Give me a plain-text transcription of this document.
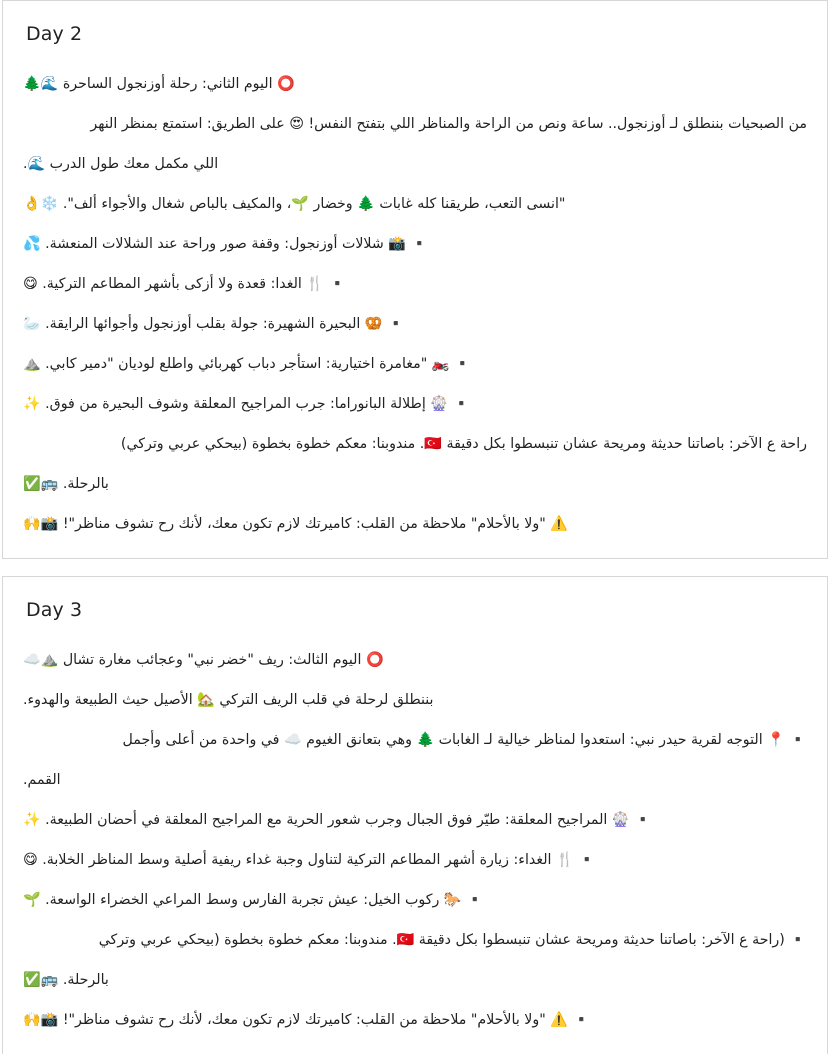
Day 2
⭕ اليوم الثاني: رحلة أوزنجول الساحرة 🌊🌲
من الصبحيات بننطلق لـ أوزنجول.. ساعة ونص من الراحة والمناظر اللي بتفتح النفس! 😍 على الطريق: استمتع بمنظر النهر
اللي مكمل معك طول الدرب 🌊.
"انسى التعب، طريقنا كله غابات 🌲 وخضار 🌱، والمكيف بالباص شغال والأجواء ألف". ❄️👌
▪️ 📸 شلالات أوزنجول: وقفة صور وراحة عند الشلالات المنعشة. 💦
▪️ 🍴 الغدا: قعدة ولا أزكى بأشهر المطاعم التركية. 😋
▪️ 🥨 البحيرة الشهيرة: جولة بقلب أوزنجول وأجوائها الرايقة. 🦢
▪️ 🏍️ "مغامرة اختيارية: استأجر دباب كهربائي واطلع لوديان "دمير كابي. ⛰️
▪️ 🎡 إطلالة البانوراما: جرب المراجيح المعلقة وشوف البحيرة من فوق. ✨
راحة ع الآخر: باصاتنا حديثة ومريحة عشان تنبسطوا بكل دقيقة 🇹🇷. مندوبنا: معكم خطوة بخطوة (بيحكي عربي وتركي)
بالرحلة. 🚌✅
⚠️ "ولا بالأحلام" ملاحظة من القلب: كاميرتك لازم تكون معك، لأنك رح تشوف مناظر"! 📸🙌
Day 3
⭕ اليوم الثالث: ريف "خضر نبي" وعجائب مغارة تشال ⛰️☁️
بننطلق لرحلة في قلب الريف التركي 🏡 الأصيل حيث الطبيعة والهدوء.
▪️ 📍 التوجه لقرية حيدر نبي: استعدوا لمناظر خيالية لـ الغابات 🌲 وهي بتعانق الغيوم ☁️ في واحدة من أعلى وأجمل
القمم.
▪️ 🎡 المراجيح المعلقة: طيّر فوق الجبال وجرب شعور الحرية مع المراجيح المعلقة في أحضان الطبيعة. ✨
▪️ 🍴 الغداء: زيارة أشهر المطاعم التركية لتناول وجبة غداء ريفية أصلية وسط المناظر الخلابة. 😋
▪️ 🐎 ركوب الخيل: عيش تجربة الفارس وسط المراعي الخضراء الواسعة. 🌱
▪️ (راحة ع الآخر: باصاتنا حديثة ومريحة عشان تنبسطوا بكل دقيقة 🇹🇷. مندوبنا: معكم خطوة بخطوة (بيحكي عربي وتركي
بالرحلة. 🚌✅
▪️ ⚠️ "ولا بالأحلام" ملاحظة من القلب: كاميرتك لازم تكون معك، لأنك رح تشوف مناظر"! 📸🙌
